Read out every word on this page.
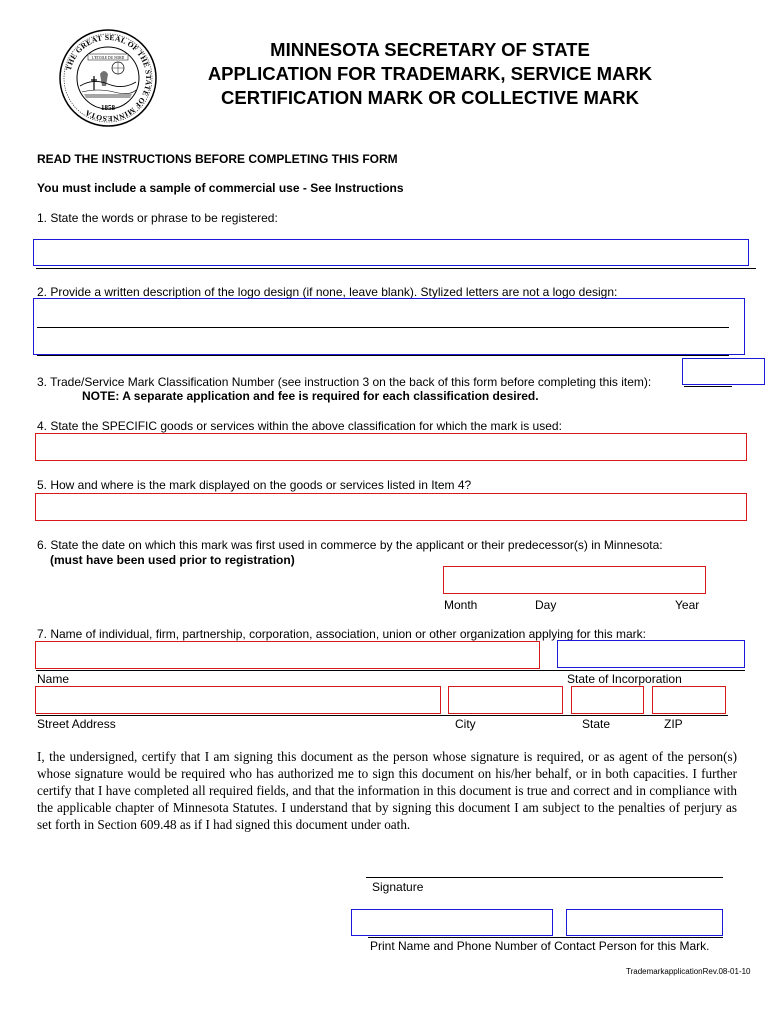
THE GREAT SEAL OF THE STATE OF MINNESOTA
L'ETOILE DU NORD
1858
MINNESOTA SECRETARY OF STATE
APPLICATION FOR TRADEMARK, SERVICE MARK
CERTIFICATION MARK OR COLLECTIVE MARK
READ THE INSTRUCTIONS BEFORE COMPLETING THIS FORM
You must include a sample of commercial use - See Instructions
1. State the words or phrase to be registered:
2. Provide a written description of the logo design (if none, leave blank). Stylized letters are not a logo design:
3. Trade/Service Mark Classification Number (see instruction 3 on the back of this form before completing this item):
NOTE: A separate application and fee is required for each classification desired.
4. State the SPECIFIC goods or services within the above classification for which the mark is used:
5. How and where is the mark displayed on the goods or services listed in Item 4?
6. State the date on which this mark was first used in commerce by the applicant or their predecessor(s) in Minnesota:
(must have been used prior to registration)
Month	Day	Year
7. Name of individual, firm, partnership, corporation, association, union or other organization applying for this mark:
Name	State of Incorporation
Street Address	City	State	ZIP
I, the undersigned, certify that I am signing this document as the person whose signature is required, or as agent of the person(s) whose signature would be required who has authorized me to sign this document on his/her behalf, or in both capacities. I further certify that I have completed all required fields, and that the information in this document is true and correct and in compliance with the applicable chapter of Minnesota Statutes. I understand that by signing this document I am subject to the penalties of perjury as set forth in Section 609.48 as if I had signed this document under oath.
Signature
Print Name and Phone Number of Contact Person for this Mark.
TrademarkapplicationRev.08-01-10
